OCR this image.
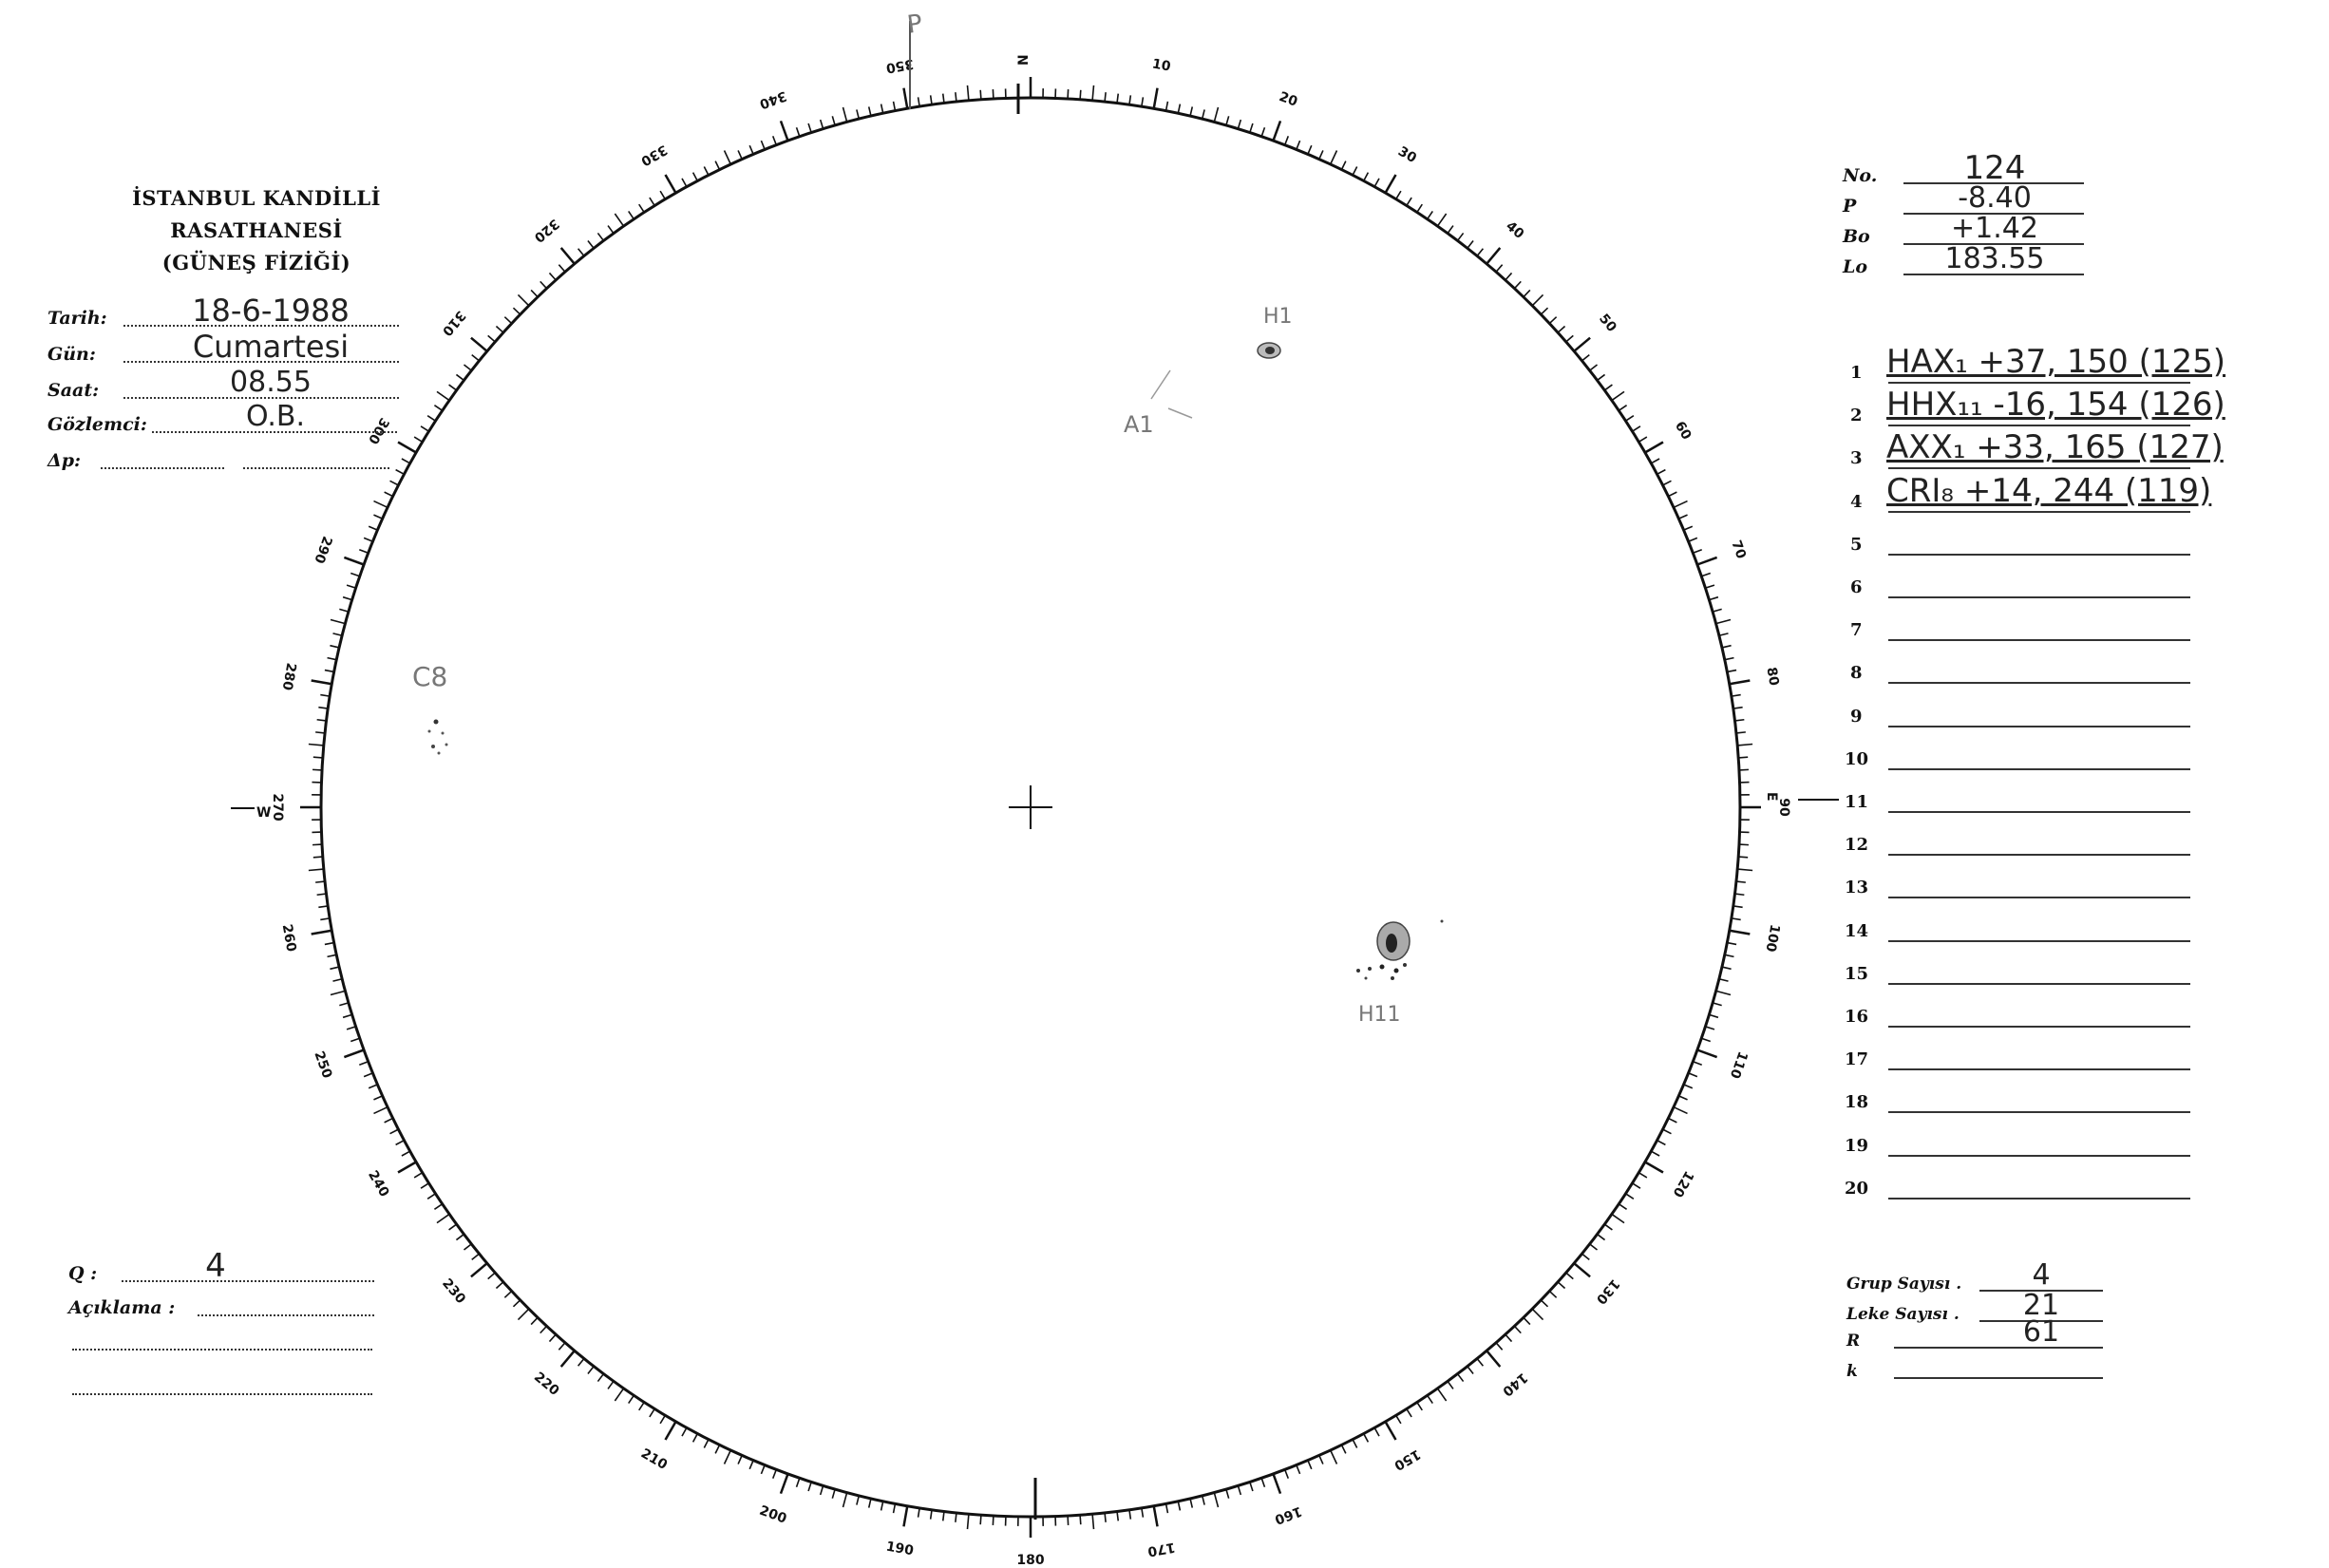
10
20
30
40
50
60
70
80
90
100
110
120
130
140
150
160
170
180
190
200
210
220
230
240
250
260
270
280
290
300
310
320
330
340
350	N
P
W
E
H1
A1
C8
H11
İSTANBUL KANDİLLİ RASATHANESİ
(GÜNEŞ FİZİĞİ)
Tarih:	18-6-1988
Gün:	Cumartesi
Saat:	08.55
Gözlemci:	O.B.
Δp:
No.	124
P	-8.40
Bo	+1.42
Lo	183.55
1 HAX₁ +37, 150 (125)
2 HHX₁₁ -16, 154 (126)
3 AXX₁ +33, 165 (127)
4 CRI₈ +14, 244 (119)
5
6
7
8
9
10
11
12
13
14
15
16
17
18
19
20
Q :	4
Açıklama :
Grup Sayısı .	4
Leke Sayısı .	21
R	61
k
